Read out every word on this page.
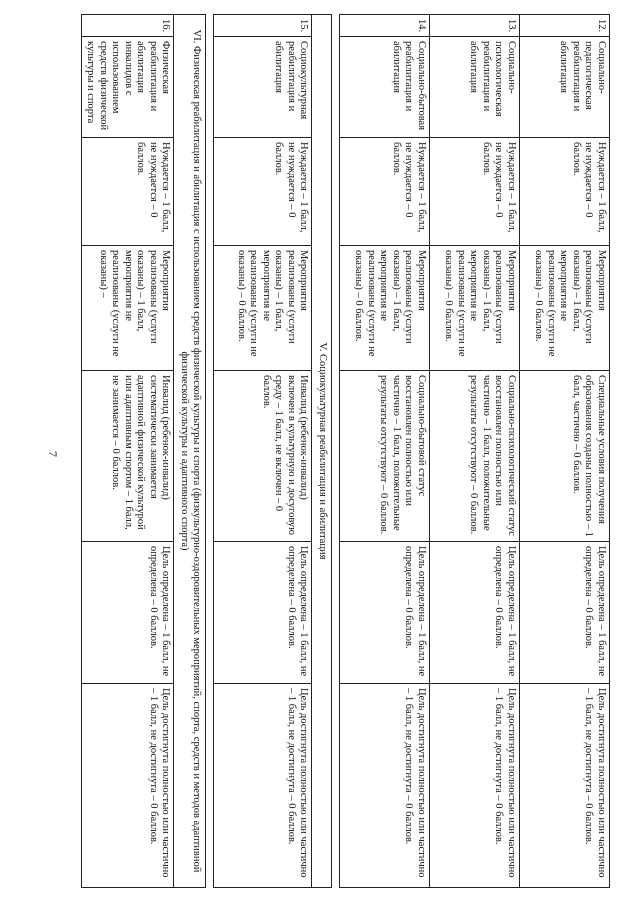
7
12.	Социально-педагогическая реабилитация и абилитация	Нуждается – 1 балл, не нуждается – 0 баллов.	Мероприятия реализованы (услуги оказаны) – 1 балл, мероприятия не реализованы (услуги не оказаны) – 0 баллов.	Специальные условия получения образования созданы полностью – 1 балл, частично – 0 баллов.	Цель определена – 1 балл, не определена – 0 баллов.	Цель достигнута полностью или частично – 1 балл, не достигнута – 0 баллов.
13.	Социально-психологическая реабилитация и абилитация	Нуждается – 1 балл, не нуждается – 0 баллов.	Мероприятия реализованы (услуги оказаны) – 1 балл, мероприятия не реализованы (услуги не оказаны) – 0 баллов.	Социально-психологический статус восстановлен полностью или частично – 1 балл, положительные результаты отсутствуют – 0 баллов.	Цель определена – 1 балл, не определена – 0 баллов.	Цель достигнута полностью или частично – 1 балл, не достигнута – 0 баллов.
14.	Социально-бытовая реабилитация и абилитация	Нуждается – 1 балл, не нуждается – 0 баллов.	Мероприятия реализованы (услуги оказаны) – 1 балл, мероприятия не реализованы (услуги не оказаны) – 0 баллов.	Социально-бытовой статус восстановлен полностью или частично – 1 балл, положительные результаты отсутствуют – 0 баллов.	Цель определена – 1 балл, не определена – 0 баллов.	Цель достигнута полностью или частично – 1 балл, не достигнута – 0 баллов.

V. Социокультурная реабилитация и абилитация						
15.	Социокультурная реабилитация и абилитация	Нуждается – 1 балл, не нуждается – 0 баллов.	Мероприятия реализованы (услуги оказаны) – 1 балл, мероприятия не реализованы (услуги не оказаны) – 0 баллов.	Инвалид (ребенок-инвалид) включен в культурную и досуговую среду – 1 балл, не включен – 0 баллов.	Цель определена – 1 балл, не определена – 0 баллов.	Цель достигнута полностью или частично – 1 балл, не достигнута – 0 баллов.

VI. Физическая реабилитация и абилитация с использованием средств физической культуры и спорта (физкультурно-оздоровительных мероприятий, спорта, средств и методов адаптивной физической культуры и адаптивного спорта)						
16.	Физическая реабилитация и абилитация инвалидов с использованием средств физической культуры и спорта	Нуждается – 1 балл, не нуждается – 0 баллов.	Мероприятия реализованы (услуги оказаны) – 1 балл, мероприятия не реализованы (услуги не оказаны) –	Инвалид (ребенок-инвалид) систематически занимается адаптивной физической культурой или адаптивным спортом – 1 балл, не занимается – 0 баллов.	Цель определена – 1 балл, не определена – 0 баллов.	Цель достигнута полностью или частично – 1 балл, не достигнута – 0 баллов.
